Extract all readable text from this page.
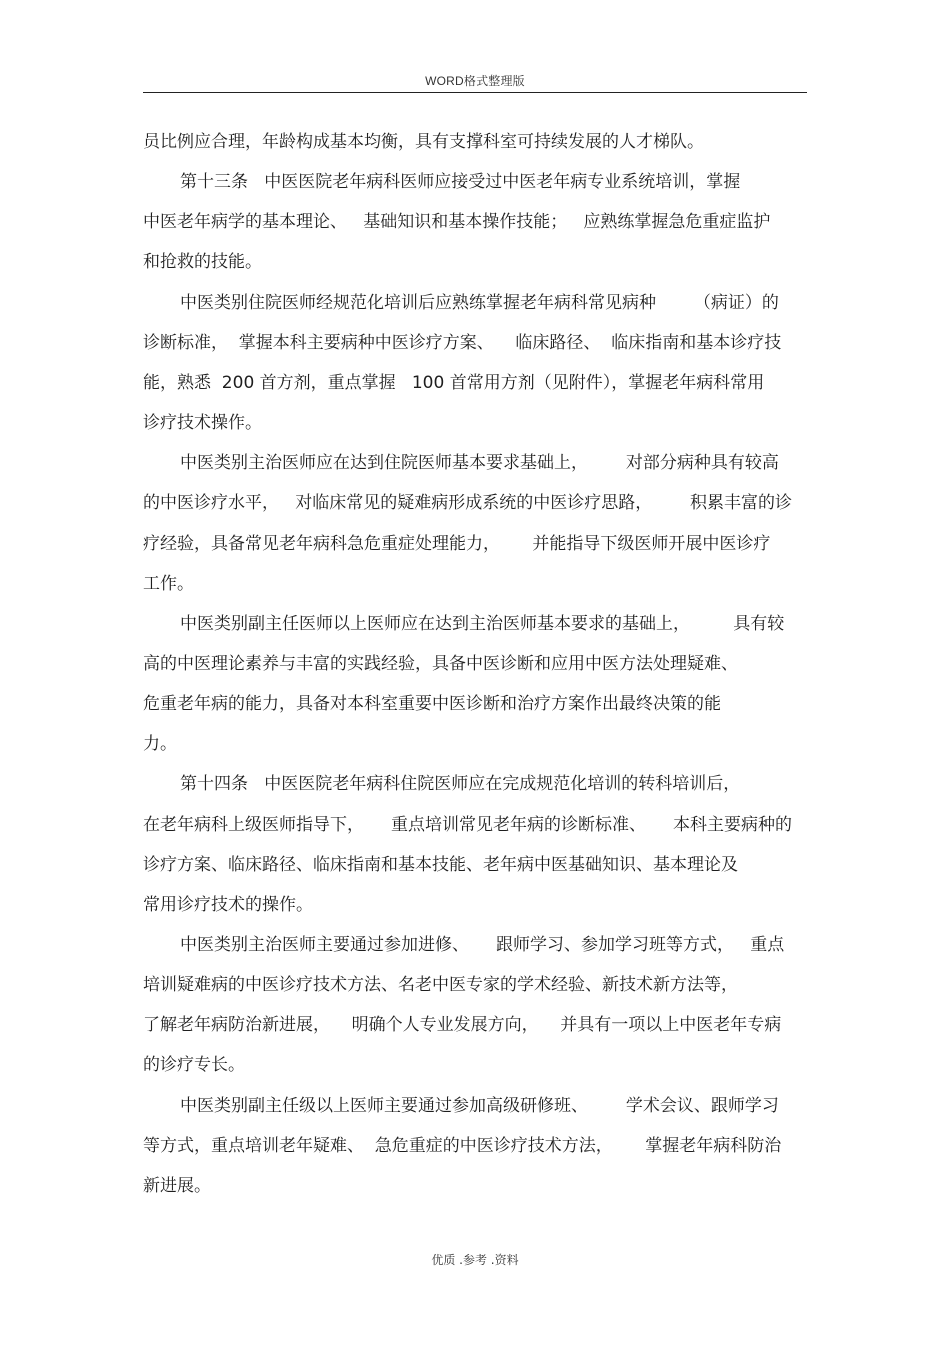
WORD格式整理版
员比例应合理，年龄构成基本均衡，具有支撑科室可持续发展的人才梯队。
第十三条   中医医院老年病科医师应接受过中医老年病专业系统培训，掌握
中医老年病学的基本理论、   基础知识和基本操作技能；   应熟练掌握急危重症监护
和抢救的技能。
中医类别住院医师经规范化培训后应熟练掌握老年病科常见病种       （病证）的
诊断标准，  掌握本科主要病种中医诊疗方案、    临床路径、  临床指南和基本诊疗技
能，熟悉  200 首方剂，重点掌握   100 首常用方剂（见附件），掌握老年病科常用
诊疗技术操作。
中医类别主治医师应在达到住院医师基本要求基础上，       对部分病种具有较高
的中医诊疗水平，   对临床常见的疑难病形成系统的中医诊疗思路，       积累丰富的诊
疗经验，具备常见老年病科急危重症处理能力，      并能指导下级医师开展中医诊疗
工作。
中医类别副主任医师以上医师应在达到主治医师基本要求的基础上，        具有较
高的中医理论素养与丰富的实践经验，具备中医诊断和应用中医方法处理疑难、
危重老年病的能力，具备对本科室重要中医诊断和治疗方案作出最终决策的能
力。
第十四条   中医医院老年病科住院医师应在完成规范化培训的转科培训后，
在老年病科上级医师指导下，     重点培训常见老年病的诊断标准、     本科主要病种的
诊疗方案、临床路径、临床指南和基本技能、老年病中医基础知识、基本理论及
常用诊疗技术的操作。
中医类别主治医师主要通过参加进修、     跟师学习、参加学习班等方式，   重点
培训疑难病的中医诊疗技术方法、名老中医专家的学术经验、新技术新方法等，
了解老年病防治新进展，    明确个人专业发展方向，    并具有一项以上中医老年专病
的诊疗专长。
中医类别副主任级以上医师主要通过参加高级研修班、       学术会议、跟师学习
等方式，重点培训老年疑难、  急危重症的中医诊疗技术方法，      掌握老年病科防治
新进展。
优质 .参考 .资料
